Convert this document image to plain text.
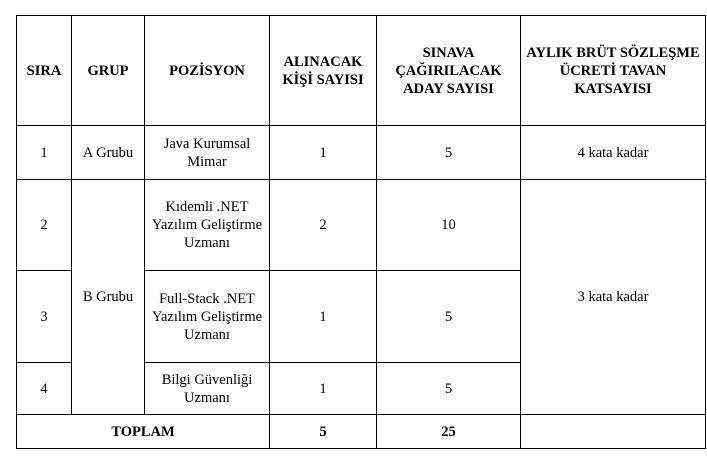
SIRA	GRUP	POZİSYON	ALINACAK KİŞİ SAYISI	SINAVA ÇAĞIRILACAK ADAY SAYISI	AYLIK BRÜT SÖZLEŞME ÜCRETİ TAVAN KATSAYISI
1	A Grubu	Java Kurumsal Mimar	1	5	4 kata kadar
2	B Grubu	Kıdemli .NET Yazılım Geliştirme Uzmanı	2	10	3 kata kadar
3		Full-Stack .NET Yazılım Geliştirme Uzmanı	1	5	
4		Bilgi Güvenliği Uzmanı	1	5	
TOPLAM			5	25	
